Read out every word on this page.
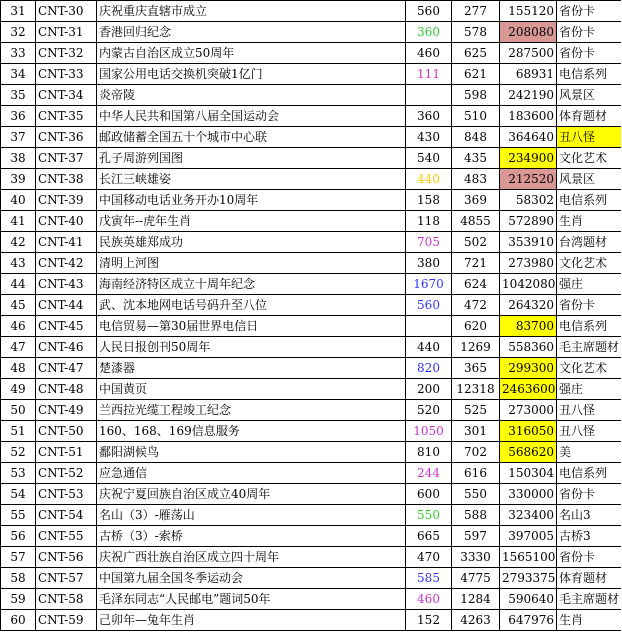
31	CNT-30	庆祝重庆直辖市成立	560	277	155120	省份卡
32	CNT-31	香港回归纪念	360	578	208080	省份卡
33	CNT-32	内蒙古自治区成立50周年	460	625	287500	省份卡
34	CNT-33	国家公用电话交换机突破1亿门	111	621	68931	电信系列
35	CNT-34	炎帝陵		598	242190	风景区
36	CNT-35	中华人民共和国第八届全国运动会	360	510	183600	体育题材
37	CNT-36	邮政储蓄全国五十个城市中心联	430	848	364640	丑八怪
38	CNT-37	孔子周游列国图	540	435	234900	文化艺术
39	CNT-38	长江三峡雄姿	440	483	212520	风景区
40	CNT-39	中国移动电话业务开办10周年	158	369	58302	电信系列
41	CNT-40	戊寅年--虎年生肖	118	4855	572890	生肖
42	CNT-41	民族英雄郑成功	705	502	353910	台湾题材
43	CNT-42	清明上河图	380	721	273980	文化艺术
44	CNT-43	海南经济特区成立十周年纪念	1670	624	1042080	强庄
45	CNT-44	武、沈本地网电话号码升至八位	560	472	264320	省份卡
46	CNT-45	电信贸易—第30届世界电信日		620	83700	电信系列
47	CNT-46	人民日报创刊50周年	440	1269	558360	毛主席题材
48	CNT-47	楚漆器	820	365	299300	文化艺术
49	CNT-48	中国黄页	200	12318	2463600	强庄
50	CNT-49	兰西拉光缆工程竣工纪念	520	525	273000	丑八怪
51	CNT-50	160、168、169信息服务	1050	301	316050	丑八怪
52	CNT-51	鄱阳湖候鸟	810	702	568620	美
53	CNT-52	应急通信	244	616	150304	电信系列
54	CNT-53	庆祝宁夏回族自治区成立40周年	600	550	330000	省份卡
55	CNT-54	名山（3）-雁荡山	550	588	323400	名山3
56	CNT-55	古桥（3）-索桥	665	597	397005	古桥3
57	CNT-56	庆祝广西壮族自治区成立四十周年	470	3330	1565100	省份卡
58	CNT-57	中国第九届全国冬季运动会	585	4775	2793375	体育题材
59	CNT-58	毛泽东同志“人民邮电”题词50年	460	1284	590640	毛主席题材
60	CNT-59	己卯年—兔年生肖	152	4263	647976	生肖
